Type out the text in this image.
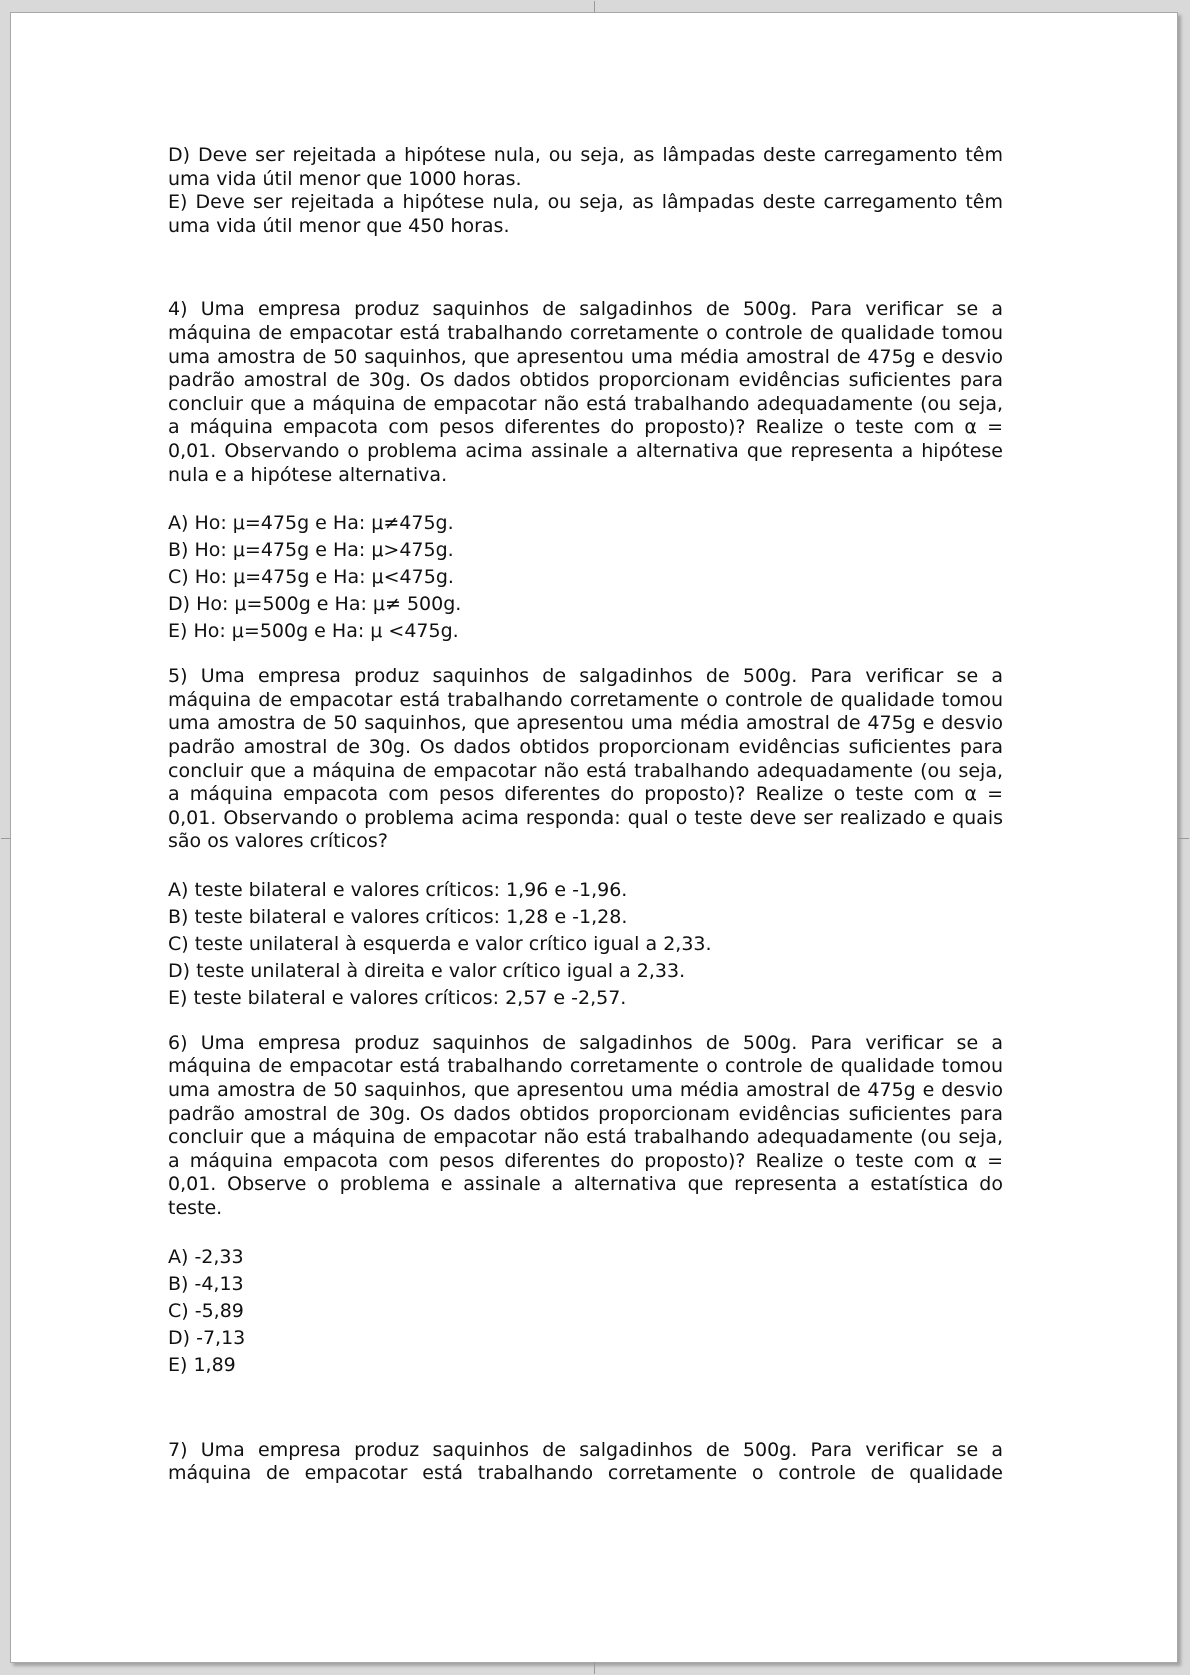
D) Deve ser rejeitada a hipótese nula, ou seja, as lâmpadas deste carregamento têm uma vida útil menor que 1000 horas.

E) Deve ser rejeitada a hipótese nula, ou seja, as lâmpadas deste carregamento têm uma vida útil menor que 450 horas.

4) Uma empresa produz saquinhos de salgadinhos de 500g. Para verificar se a máquina de empacotar está trabalhando corretamente o controle de qualidade tomou uma amostra de 50 saquinhos, que apresentou uma média amostral de 475g e desvio padrão amostral de 30g. Os dados obtidos proporcionam evidências suficientes para concluir que a máquina de empacotar não está trabalhando adequadamente (ou seja, a máquina empacota com pesos diferentes do proposto)? Realize o teste com α = 0,01. Observando o problema acima assinale a alternativa que representa a hipótese nula e a hipótese alternativa.

A) Ho: μ=475g e Ha: μ≠475g.

B) Ho: μ=475g e Ha: μ>475g.

C) Ho: μ=475g e Ha: μ<475g.

D) Ho: μ=500g e Ha: μ≠ 500g.

E) Ho: μ=500g e Ha: μ <475g.

5) Uma empresa produz saquinhos de salgadinhos de 500g. Para verificar se a máquina de empacotar está trabalhando corretamente o controle de qualidade tomou uma amostra de 50 saquinhos, que apresentou uma média amostral de 475g e desvio padrão amostral de 30g. Os dados obtidos proporcionam evidências suficientes para concluir que a máquina de empacotar não está trabalhando adequadamente (ou seja, a máquina empacota com pesos diferentes do proposto)? Realize o teste com α = 0,01. Observando o problema acima responda: qual o teste deve ser realizado e quais são os valores críticos?

A) teste bilateral e valores críticos: 1,96 e -1,96.

B) teste bilateral e valores críticos: 1,28 e -1,28.

C) teste unilateral à esquerda e valor crítico igual a 2,33.

D) teste unilateral à direita e valor crítico igual a 2,33.

E) teste bilateral e valores críticos: 2,57 e -2,57.

6) Uma empresa produz saquinhos de salgadinhos de 500g. Para verificar se a máquina de empacotar está trabalhando corretamente o controle de qualidade tomou uma amostra de 50 saquinhos, que apresentou uma média amostral de 475g e desvio padrão amostral de 30g. Os dados obtidos proporcionam evidências suficientes para concluir que a máquina de empacotar não está trabalhando adequadamente (ou seja, a máquina empacota com pesos diferentes do proposto)? Realize o teste com α = 0,01. Observe o problema e assinale a alternativa que representa a estatística do teste.

A) -2,33

B) -4,13

C) -5,89

D) -7,13

E) 1,89

7) Uma empresa produz saquinhos de salgadinhos de 500g. Para verificar se a máquina de empacotar está trabalhando corretamente o controle de qualidade
